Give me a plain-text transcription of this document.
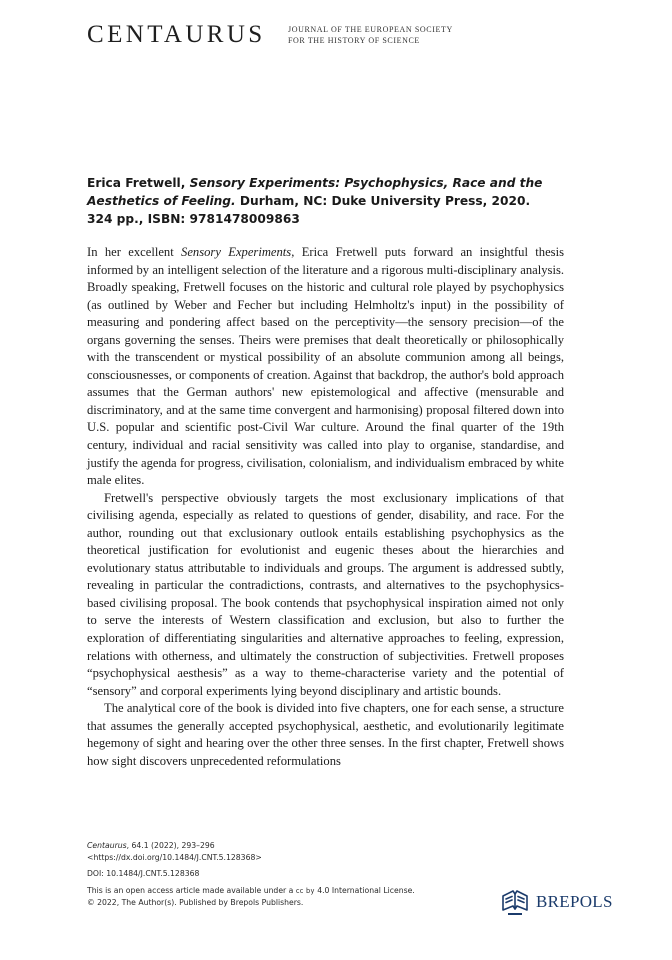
CENTAURUS	JOURNAL OF THE EUROPEAN SOCIETY
FOR THE HISTORY OF SCIENCE
Erica Fretwell, Sensory Experiments: Psychophysics, Race and the
Aesthetics of Feeling. Durham, NC: Duke University Press, 2020.
324 pp., ISBN: 9781478009863

In her excellent Sensory Experiments, Erica Fretwell puts forward an insightful thesis informed by an intelligent selection of the literature and a rigorous multi-disciplinary analysis. Broadly speaking, Fretwell focuses on the historic and cultural role played by psychophysics (as outlined by Weber and Fecher but including Helmholtz's input) in the possibility of measuring and pondering affect based on the perceptivity—the sensory precision—of the organs governing the senses. Theirs were premises that dealt theoretically or philosophically with the transcendent or mystical possibility of an absolute communion among all beings, consciousnesses, or components of creation. Against that backdrop, the author's bold approach assumes that the German authors' new epistemological and affective (mensurable and discriminatory, and at the same time convergent and harmonising) proposal filtered down into U.S. popular and scientific post-Civil War culture. Around the final quarter of the 19th century, individual and racial sensitivity was called into play to organise, standardise, and justify the agenda for progress, civilisation, colonialism, and individualism embraced by white male elites.

Fretwell's perspective obviously targets the most exclusionary implications of that civilising agenda, especially as related to questions of gender, disability, and race. For the author, rounding out that exclusionary outlook entails establishing psychophysics as the theoretical justification for evolutionist and eugenic theses about the hierarchies and evolutionary status attributable to individuals and groups. The argument is addressed subtly, revealing in particular the contradictions, contrasts, and alternatives to the psychophysics-based civilising proposal. The book contends that psychophysical inspiration aimed not only to serve the interests of Western classification and exclusion, but also to further the exploration of differentiating singularities and alternative approaches to feeling, expression, relations with otherness, and ultimately the construction of subjectivities. Fretwell proposes “psychophysical aesthesis” as a way to theme-characterise variety and the potential of “sensory” and corporal experiments lying beyond disciplinary and artistic bounds.

The analytical core of the book is divided into five chapters, one for each sense, a structure that assumes the generally accepted psychophysical, aesthetic, and evolutionarily legitimate hegemony of sight and hearing over the other three senses. In the first chapter, Fretwell shows how sight discovers unprecedented reformulations

Centaurus, 64.1 (2022), 293–296
<https://dx.doi.org/10.1484/J.CNT.5.128368>
DOI: 10.1484/J.CNT.5.128368
This is an open access article made available under a cc by 4.0 International License.
© 2022, The Author(s). Published by Brepols Publishers.	BREPOLS
